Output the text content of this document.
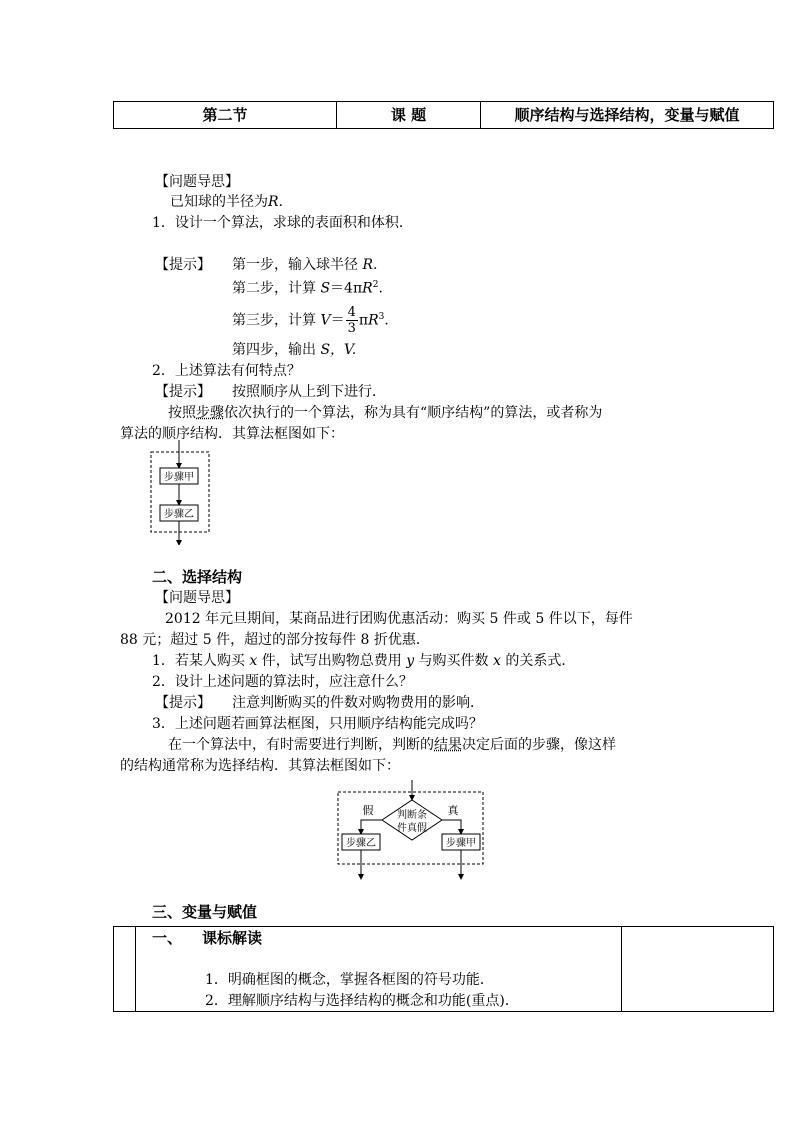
第二节	课 题	顺序结构与选择结构，变量与赋值
【问题导思】
已知球的半径为R.
1．设计一个算法，求球的表面积和体积．
【提示】 第一步，输入球半径 R.
第二步，计算 $S=4\pi R^2$.
第三步，计算 $V= \frac{4}{3} \pi R^3$.
第四步，输出 S，V.
2．上述算法有何特点？
【提示】 按照顺序从上到下进行．
按照步骤依次执行的一个算法，称为具有“顺序结构”的算法，或者称为
算法的顺序结构．其算法框图如下：
步骤甲
步骤乙
二、选择结构
【问题导思】
2012 年元旦期间，某商品进行团购优惠活动：购买 5 件或 5 件以下，每件
88 元；超过 5 件，超过的部分按每件 8 折优惠．
1．若某人购买 x 件，试写出购物总费用 y 与购买件数 x 的关系式．
2．设计上述问题的算法时，应注意什么？
【提示】 注意判断购买的件数对购物费用的影响．
3．上述问题若画算法框图，只用顺序结构能完成吗？
在一个算法中，有时需要进行判断，判断的结果决定后面的步骤，像这样
的结构通常称为选择结构．其算法框图如下：
判断条
件真假
假	真
步骤乙	步骤甲
三、变量与赋值

一、 课标解读
1．明确框图的概念，掌握各框图的符号功能．
2．理解顺序结构与选择结构的概念和功能(重点)．
